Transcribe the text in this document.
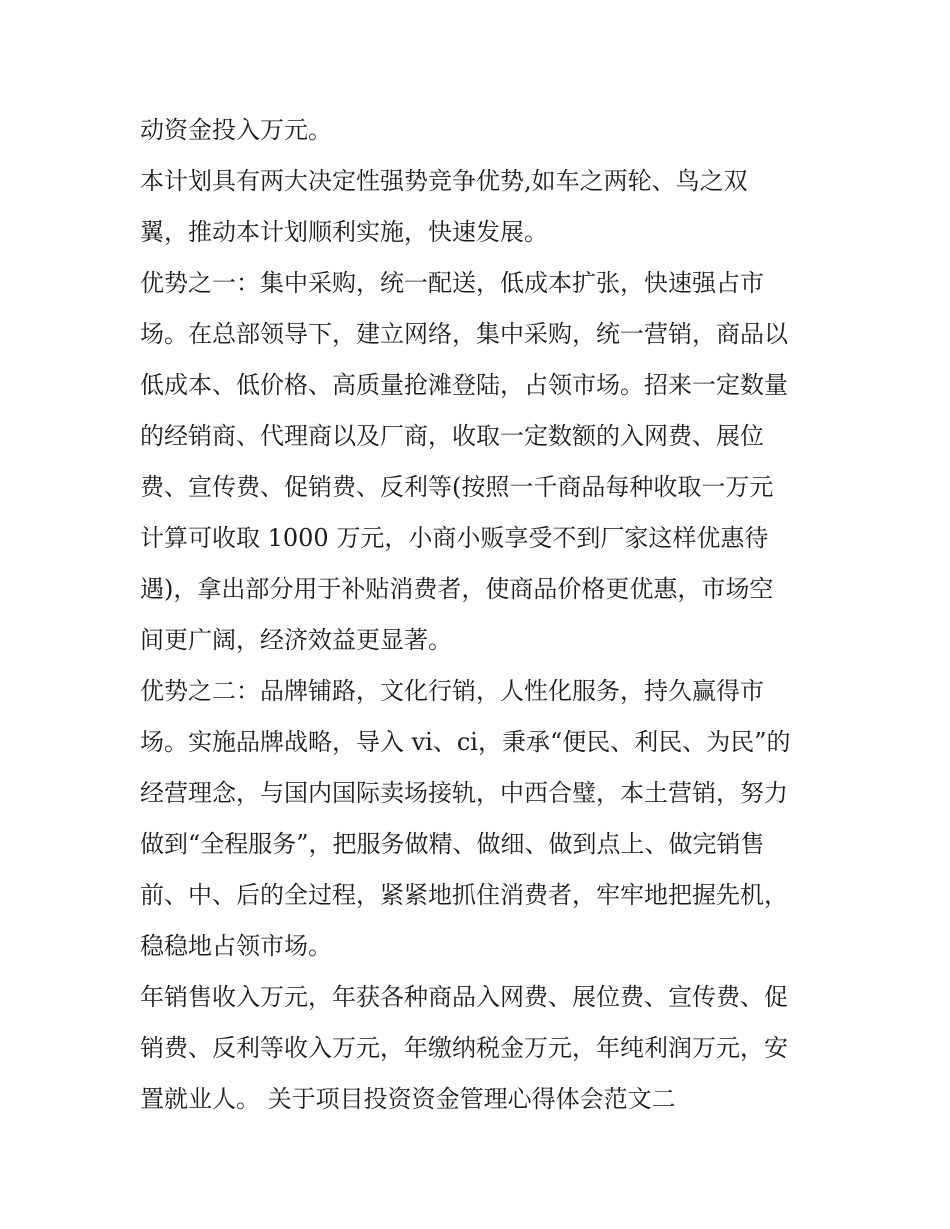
动资金投入万元。
本计划具有两大决定性强势竞争优势,如车之两轮、鸟之双
翼，推动本计划顺利实施，快速发展。
优势之一：集中采购，统一配送，低成本扩张，快速强占市
场。在总部领导下，建立网络，集中采购，统一营销，商品以
低成本、低价格、高质量抢滩登陆，占领市场。招来一定数量
的经销商、代理商以及厂商，收取一定数额的入网费、展位
费、宣传费、促销费、反利等(按照一千商品每种收取一万元
计算可收取 1000 万元，小商小贩享受不到厂家这样优惠待
遇)，拿出部分用于补贴消费者，使商品价格更优惠，市场空
间更广阔，经济效益更显著。
优势之二：品牌铺路，文化行销，人性化服务，持久赢得市
场。实施品牌战略，导入 vi、ci，秉承“便民、利民、为民”的
经营理念，与国内国际卖场接轨，中西合璧，本土营销，努力
做到“全程服务”，把服务做精、做细、做到点上、做完销售
前、中、后的全过程，紧紧地抓住消费者，牢牢地把握先机，
稳稳地占领市场。
年销售收入万元，年获各种商品入网费、展位费、宣传费、促
销费、反利等收入万元，年缴纳税金万元，年纯利润万元，安
置就业人。 关于项目投资资金管理心得体会范文二
